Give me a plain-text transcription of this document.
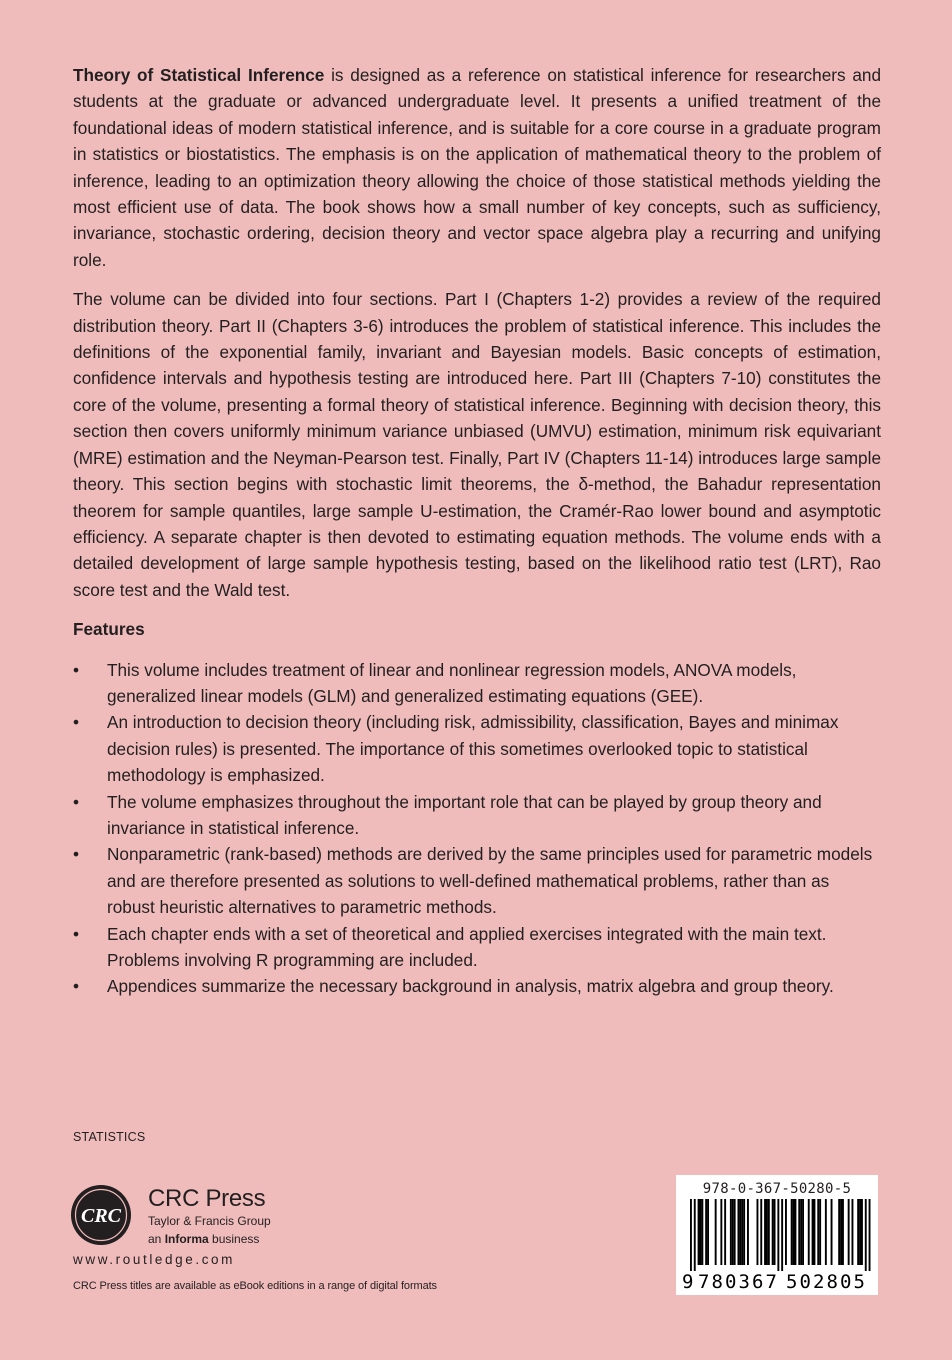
Theory of Statistical Inference is designed as a reference on statistical inference for researchers and students at the graduate or advanced undergraduate level. It presents a unified treatment of the foundational ideas of modern statistical inference, and is suitable for a core course in a graduate program in statistics or biostatistics. The emphasis is on the application of mathematical theory to the problem of inference, leading to an optimization theory allowing the choice of those statistical methods yielding the most efficient use of data. The book shows how a small number of key concepts, such as sufficiency, invariance, stochastic ordering, decision theory and vector space algebra play a recurring and unifying role.

The volume can be divided into four sections. Part I (Chapters 1-2) provides a review of the required distribution theory. Part II (Chapters 3-6) introduces the problem of statistical inference. This includes the definitions of the exponential family, invariant and Bayesian models. Basic concepts of estimation, confidence intervals and hypothesis testing are introduced here. Part III (Chapters 7-10) constitutes the core of the volume, presenting a formal theory of statistical inference. Beginning with decision theory, this section then covers uniformly minimum variance unbiased (UMVU) estimation, minimum risk equivariant (MRE) estimation and the Neyman-Pearson test. Finally, Part IV (Chapters 11-14) introduces large sample theory. This section begins with stochastic limit theorems, the δ-method, the Bahadur representation theorem for sample quantiles, large sample U-estimation, the Cramér-Rao lower bound and asymptotic efficiency. A separate chapter is then devoted to estimating equation methods. The volume ends with a detailed development of large sample hypothesis testing, based on the likelihood ratio test (LRT), Rao score test and the Wald test.

Features
• This volume includes treatment of linear and nonlinear regression models, ANOVA models, generalized linear models (GLM) and generalized estimating equations (GEE).
• An introduction to decision theory (including risk, admissibility, classification, Bayes and minimax decision rules) is presented. The importance of this sometimes overlooked topic to statistical methodology is emphasized.
• The volume emphasizes throughout the important role that can be played by group theory and invariance in statistical inference.
• Nonparametric (rank-based) methods are derived by the same principles used for parametric models and are therefore presented as solutions to well-defined mathematical problems, rather than as robust heuristic alternatives to parametric methods.
• Each chapter ends with a set of theoretical and applied exercises integrated with the main text. Problems involving R programming are included.
• Appendices summarize the necessary background in analysis, matrix algebra and group theory.
STATISTICS
CRC
CRC Press
Taylor & Francis Group
an Informa business
www.routledge.com
CRC Press titles are available as eBook editions in a range of digital formats
978-0-367-50280-5
9 7 8 0 3 6 7 5 0 2 8 0 5
